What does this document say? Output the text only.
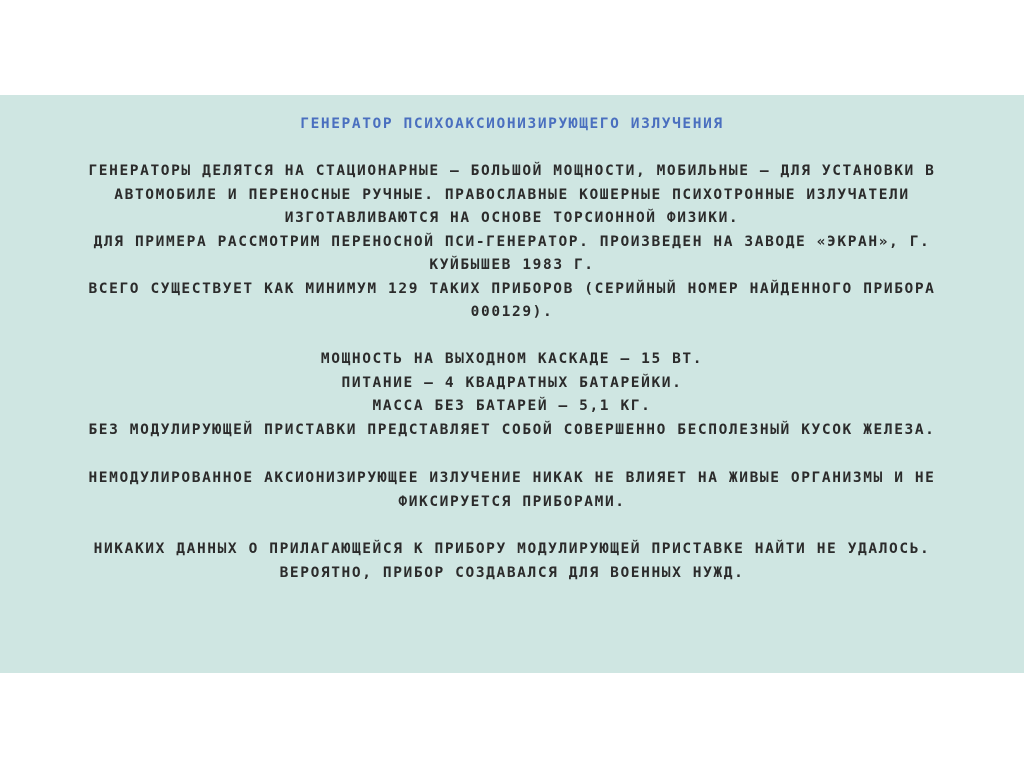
ГЕНЕРАТОР ПСИХОАКСИОНИЗИРУЮЩЕГО ИЗЛУЧЕНИЯ
ГЕНЕРАТОРЫ ДЕЛЯТСЯ НА СТАЦИОНАРНЫЕ – БОЛЬШОЙ МОЩНОСТИ, МОБИЛЬНЫЕ – ДЛЯ УСТАНОВКИ В
АВТОМОБИЛЕ И ПЕРЕНОСНЫЕ РУЧНЫЕ. ПРАВОСЛАВНЫЕ КОШЕРНЫЕ ПСИХОТРОННЫЕ ИЗЛУЧАТЕЛИ
ИЗГОТАВЛИВАЮТСЯ НА ОСНОВЕ ТОРСИОННОЙ ФИЗИКИ.
ДЛЯ ПРИМЕРА РАССМОТРИМ ПЕРЕНОСНОЙ ПСИ-ГЕНЕРАТОР. ПРОИЗВЕДЕН НА ЗАВОДЕ «ЭКРАН», Г.
КУЙБЫШЕВ 1983 Г.
ВСЕГО СУЩЕСТВУЕТ КАК МИНИМУМ 129 ТАКИХ ПРИБОРОВ (СЕРИЙНЫЙ НОМЕР НАЙДЕННОГО ПРИБОРА
000129).
МОЩНОСТЬ НА ВЫХОДНОМ КАСКАДЕ – 15 ВТ.
ПИТАНИЕ – 4 КВАДРАТНЫХ БАТАРЕЙКИ.
МАССА БЕЗ БАТАРЕЙ – 5,1 КГ.
БЕЗ МОДУЛИРУЮЩЕЙ ПРИСТАВКИ ПРЕДСТАВЛЯЕТ СОБОЙ СОВЕРШЕННО БЕСПОЛЕЗНЫЙ КУСОК ЖЕЛЕЗА.
НЕМОДУЛИРОВАННОЕ АКСИОНИЗИРУЮЩЕЕ ИЗЛУЧЕНИЕ НИКАК НЕ ВЛИЯЕТ НА ЖИВЫЕ ОРГАНИЗМЫ И НЕ
ФИКСИРУЕТСЯ ПРИБОРАМИ.
НИКАКИХ ДАННЫХ О ПРИЛАГАЮЩЕЙСЯ К ПРИБОРУ МОДУЛИРУЮЩЕЙ ПРИСТАВКЕ НАЙТИ НЕ УДАЛОСЬ.
ВЕРОЯТНО, ПРИБОР СОЗДАВАЛСЯ ДЛЯ ВОЕННЫХ НУЖД.
